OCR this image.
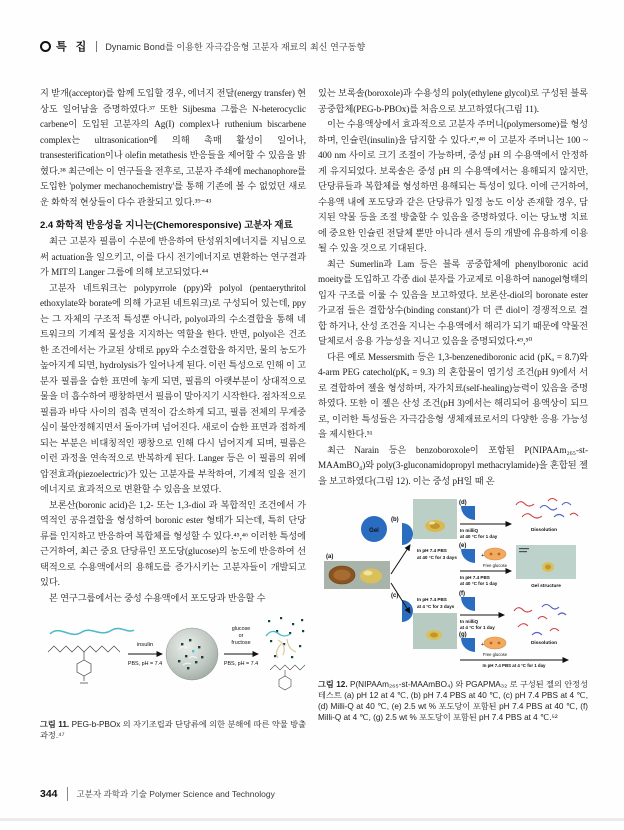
특 집 Dynamic Bond를 이용한 자극감응형 고분자 재료의 최신 연구동향

지 받개(acceptor)를 함께 도입할 경우, 에너지 전달(energy transfer) 현상도 일어남을 증명하였다.³⁷ 또한 Sijbesma 그룹은 N-heterocyclic carbene이 도입된 고분자의 Ag(I) complex나 ruthenium biscarbene complex는 ultrasonication에 의해 촉매 활성이 일어나, transesterification이나 olefin metathesis 반응들을 제어할 수 있음을 밝혔다.³⁸ 최근에는 이 연구들을 전후로, 고분자 주쇄에 mechanophore를 도입한 'polymer mechanochemistry'를 통해 기존에 볼 수 없었던 새로운 화학적 현상들이 다수 관찰되고 있다.³⁹⁻⁴³

2.4 화학적 반응성을 지니는(Chemoresponsive) 고분자 재료

최근 고분자 필름이 수분에 반응하여 탄성위치에너지를 지님으로써 actuation을 일으키고, 이를 다시 전기에너지로 변환하는 연구결과가 MIT의 Langer 그룹에 의해 보고되었다.⁴⁴

고분자 네트워크는 polypyrrole (ppy)와 polyol (pentaerythritol ethoxylate와 borate에 의해 가교된 네트워크)로 구성되어 있는데, ppy는 그 자체의 구조적 특성뿐 아니라, polyol과의 수소결합을 통해 네트워크의 기계적 물성을 지지하는 역할을 한다. 반면, polyol은 건조한 조건에서는 가교된 상태로 ppy와 수소결합을 하지만, 물의 농도가 높아지게 되면, hydrolysis가 일어나게 된다. 이런 특성으로 인해 이 고분자 필름을 습한 표면에 놓게 되면, 필름의 아랫부분이 상대적으로 물을 더 흡수하여 팽창하면서 필름이 말아지기 시작한다. 점차적으로 필름과 바닥 사이의 접촉 면적이 감소하게 되고, 필름 전체의 무게중심이 불안정해지면서 돌아가며 넘어진다. 새로이 습한 표면과 접하게 되는 부분은 비대칭적인 팽창으로 인해 다시 넘어지게 되며, 필름은 이런 과정을 연속적으로 반복하게 된다. Langer 등은 이 필름의 위에 압전효과(piezoelectric)가 있는 고분자를 부착하여, 기계적 일을 전기에너지로 효과적으로 변환할 수 있음을 보였다.

보론산(boronic acid)은 1,2- 또는 1,3-diol 과 복합적인 조건에서 가역적인 공유결합을 형성하여 boronic ester 형태가 되는데, 특히 단당류를 인지하고 반응하여 복합체를 형성할 수 있다.⁴⁵,⁴⁶ 이러한 특성에 근거하여, 최근 중요 단당류인 포도당(glucose)의 농도에 반응하여 선택적으로 수용액에서의 용해도를 증가시키는 고분자들이 개발되고 있다.

본 연구그룹에서는 중성 수용액에서 포도당과 반응할 수

insulin
PBS, pH = 7.4
glucose
or
fructose
PBS, pH = 7.4
그림 11. PEG-b-PBOx 의 자기조립과 단당류에 의한 분해에 따른 약물 방출 과정.⁴⁷

있는 보록솔(boroxole)과 수용성의 poly(ethylene glycol)로 구성된 블록 공중합체(PEG-b-PBOx)를 처음으로 보고하였다(그림 11).

이는 수용액상에서 효과적으로 고분자 주머니(polymersome)를 형성하며, 인슐린(insulin)을 담지할 수 있다.⁴⁷,⁴⁸ 이 고분자 주머니는 100 ~ 400 nm 사이로 크기 조절이 가능하며, 중성 pH 의 수용액에서 안정하게 유지되었다. 보록솔은 중성 pH 의 수용액에서는 용해되지 않지만, 단당류들과 복합체를 형성하면 용해되는 특성이 있다. 이에 근거하여, 수용액 내에 포도당과 같은 단당류가 일정 농도 이상 존재할 경우, 담지된 약물 등을 조절 방출할 수 있음을 증명하였다. 이는 당뇨병 치료에 중요한 인슐린 전달체 뿐만 아니라 센서 등의 개발에 유용하게 이용될 수 있을 것으로 기대된다.

최근 Sumerlin과 Lam 등은 블록 공중합체에 phenylboronic acid moeity를 도입하고 각종 diol 분자를 가교제로 이용하여 nanogel형태의 입자 구조를 이룰 수 있음을 보고하였다. 보론산-diol의 boronate ester 가교점 들은 결합상수(binding constant)가 더 큰 diol이 경쟁적으로 결합 하거나, 산성 조건을 지니는 수용액에서 해리가 되기 때문에 약물전달체로서 응용 가능성을 지니고 있음을 증명되었다.⁴⁹,⁵⁰

다른 예로 Messersmith 등은 1,3-benzenediboronic acid (pKₐ = 8.7)와 4-arm PEG catechol(pKₐ = 9.3) 의 혼합물이 염기성 조건(pH 9)에서 서로 결합하여 젤을 형성하며, 자가치료(self-healing)능력이 있음을 증명하였다. 또한 이 젤은 산성 조건(pH 3)에서는 해리되어 용액상이 되므로, 이러한 특성들은 자극감응형 생체재료로서의 다양한 응용 가능성을 제시한다.⁵¹

최근 Narain 등은 benzoboroxole이 포함된 P(NIPAAm₂₆₅-st-MAAmBO₄)와 poly(3-gluconamidopropyl methacrylamide)을 혼합된 젤을 보고하였다(그림 12). 이는 중성 pH일 때 온

Gel
(a)
(b)
(c)
In pH 7.4 PBS
at 40 °C for 3 days
In pH 7.4 PBS
at 4 °C for 3 days
(d)
In milliQ
at 40 °C for 1 day
Dissolution
(e)
+
Free glucose
In pH 7.4 PBS
at 40 °C for 1 day
Gel structure
(f)
In milliQ
at 4 °C for 1 day
Dissolution
(g)
+
Free glucose
In pH 7.4 PBS at 4 °C for 1 day
그림 12. P(NIPAAm₂₆₅-st-MAAmBO₄) 와 PGAPMA₃₂ 로 구성된 젤의 안정성 테스트 (a) pH 12 at 4 ℃, (b) pH 7.4 PBS at 40 ℃, (c) pH 7.4 PBS at 4 ℃, (d) Milli-Q at 40 ℃, (e) 2.5 wt % 포도당이 포함된 pH 7.4 PBS at 40 ℃, (f) Milli-Q at 4 ℃, (g) 2.5 wt % 포도당이 포함된 pH 7.4 PBS at 4 ℃.⁵²
344 고분자 과학과 기술 Polymer Science and Technology
